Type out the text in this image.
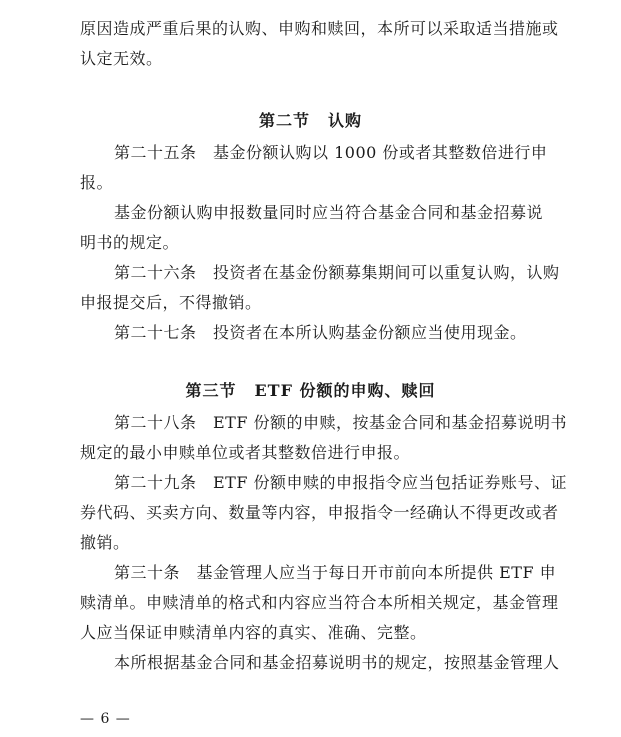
原因造成严重后果的认购、申购和赎回，本所可以采取适当措施或
认定无效。
第二节 认购
第二十五条　基金份额认购以 1000 份或者其整数倍进行申
报。
基金份额认购申报数量同时应当符合基金合同和基金招募说
明书的规定。
第二十六条　投资者在基金份额募集期间可以重复认购，认购
申报提交后，不得撤销。
第二十七条　投资者在本所认购基金份额应当使用现金。
第三节 ETF 份额的申购、赎回
第二十八条　ETF 份额的申赎，按基金合同和基金招募说明书
规定的最小申赎单位或者其整数倍进行申报。
第二十九条　ETF 份额申赎的申报指令应当包括证券账号、证
券代码、买卖方向、数量等内容，申报指令一经确认不得更改或者
撤销。
第三十条　基金管理人应当于每日开市前向本所提供 ETF 申
赎清单。申赎清单的格式和内容应当符合本所相关规定，基金管理
人应当保证申赎清单内容的真实、准确、完整。
本所根据基金合同和基金招募说明书的规定，按照基金管理人
— 6 —
